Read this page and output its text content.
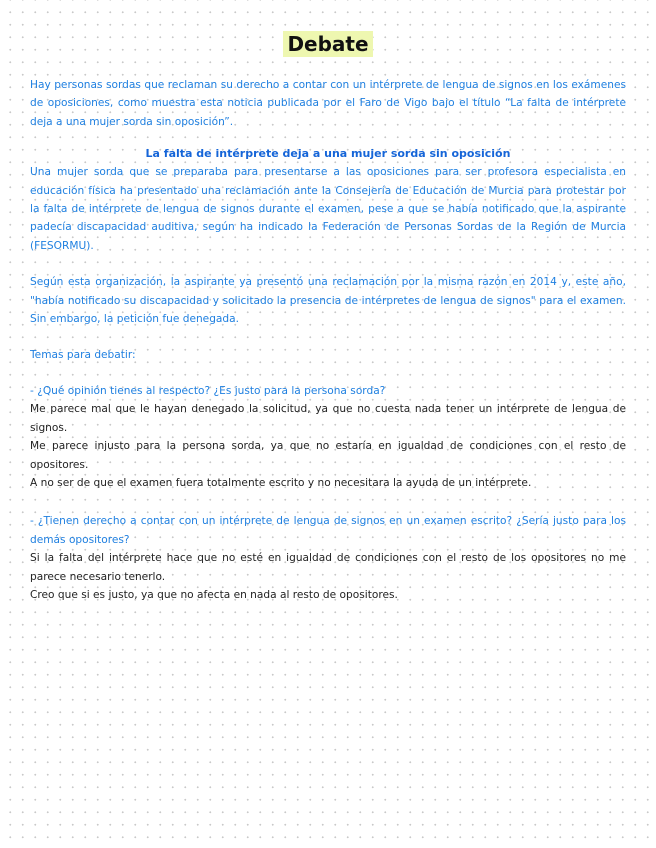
Debate

Hay personas sordas que reclaman su derecho a contar con un intérprete de lengua de signos en los exámenes de oposiciones, como muestra esta noticia publicada por el Faro de Vigo bajo el título “La falta de intérprete deja a una mujer sorda sin oposición”.

La falta de intérprete deja a una mujer sorda sin oposición

Una mujer sorda que se preparaba para presentarse a las oposiciones para ser profesora especialista en educación física ha presentado una reclamación ante la Consejería de Educación de Murcia para protestar por la falta de intérprete de lengua de signos durante el examen, pese a que se había notificado que la aspirante padecía discapacidad auditiva, según ha indicado la Federación de Personas Sordas de la Región de Murcia (FESORMU).

Según esta organización, la aspirante ya presentó una reclamación por la misma razón en 2014 y, este año, "había notificado su discapacidad y solicitado la presencia de intérpretes de lengua de signos" para el examen. Sin embargo, la petición fue denegada.

Temas para debatir:

- ¿Qué opinión tienes al respecto? ¿Es justo para la persona sorda?

Me parece mal que le hayan denegado la solicitud, ya que no cuesta nada tener un intérprete de lengua de signos.

Me parece injusto para la persona sorda, ya que no estaría en igualdad de condiciones con el resto de opositores.

A no ser de que el examen fuera totalmente escrito y no necesitara la ayuda de un intérprete.

- ¿Tienen derecho a contar con un intérprete de lengua de signos en un examen escrito? ¿Sería justo para los demás opositores?

Si la falta del intérprete hace que no esté en igualdad de condiciones con el resto de los opositores no me parece necesario tenerlo.

Creo que si es justo, ya que no afecta en nada al resto de opositores.
